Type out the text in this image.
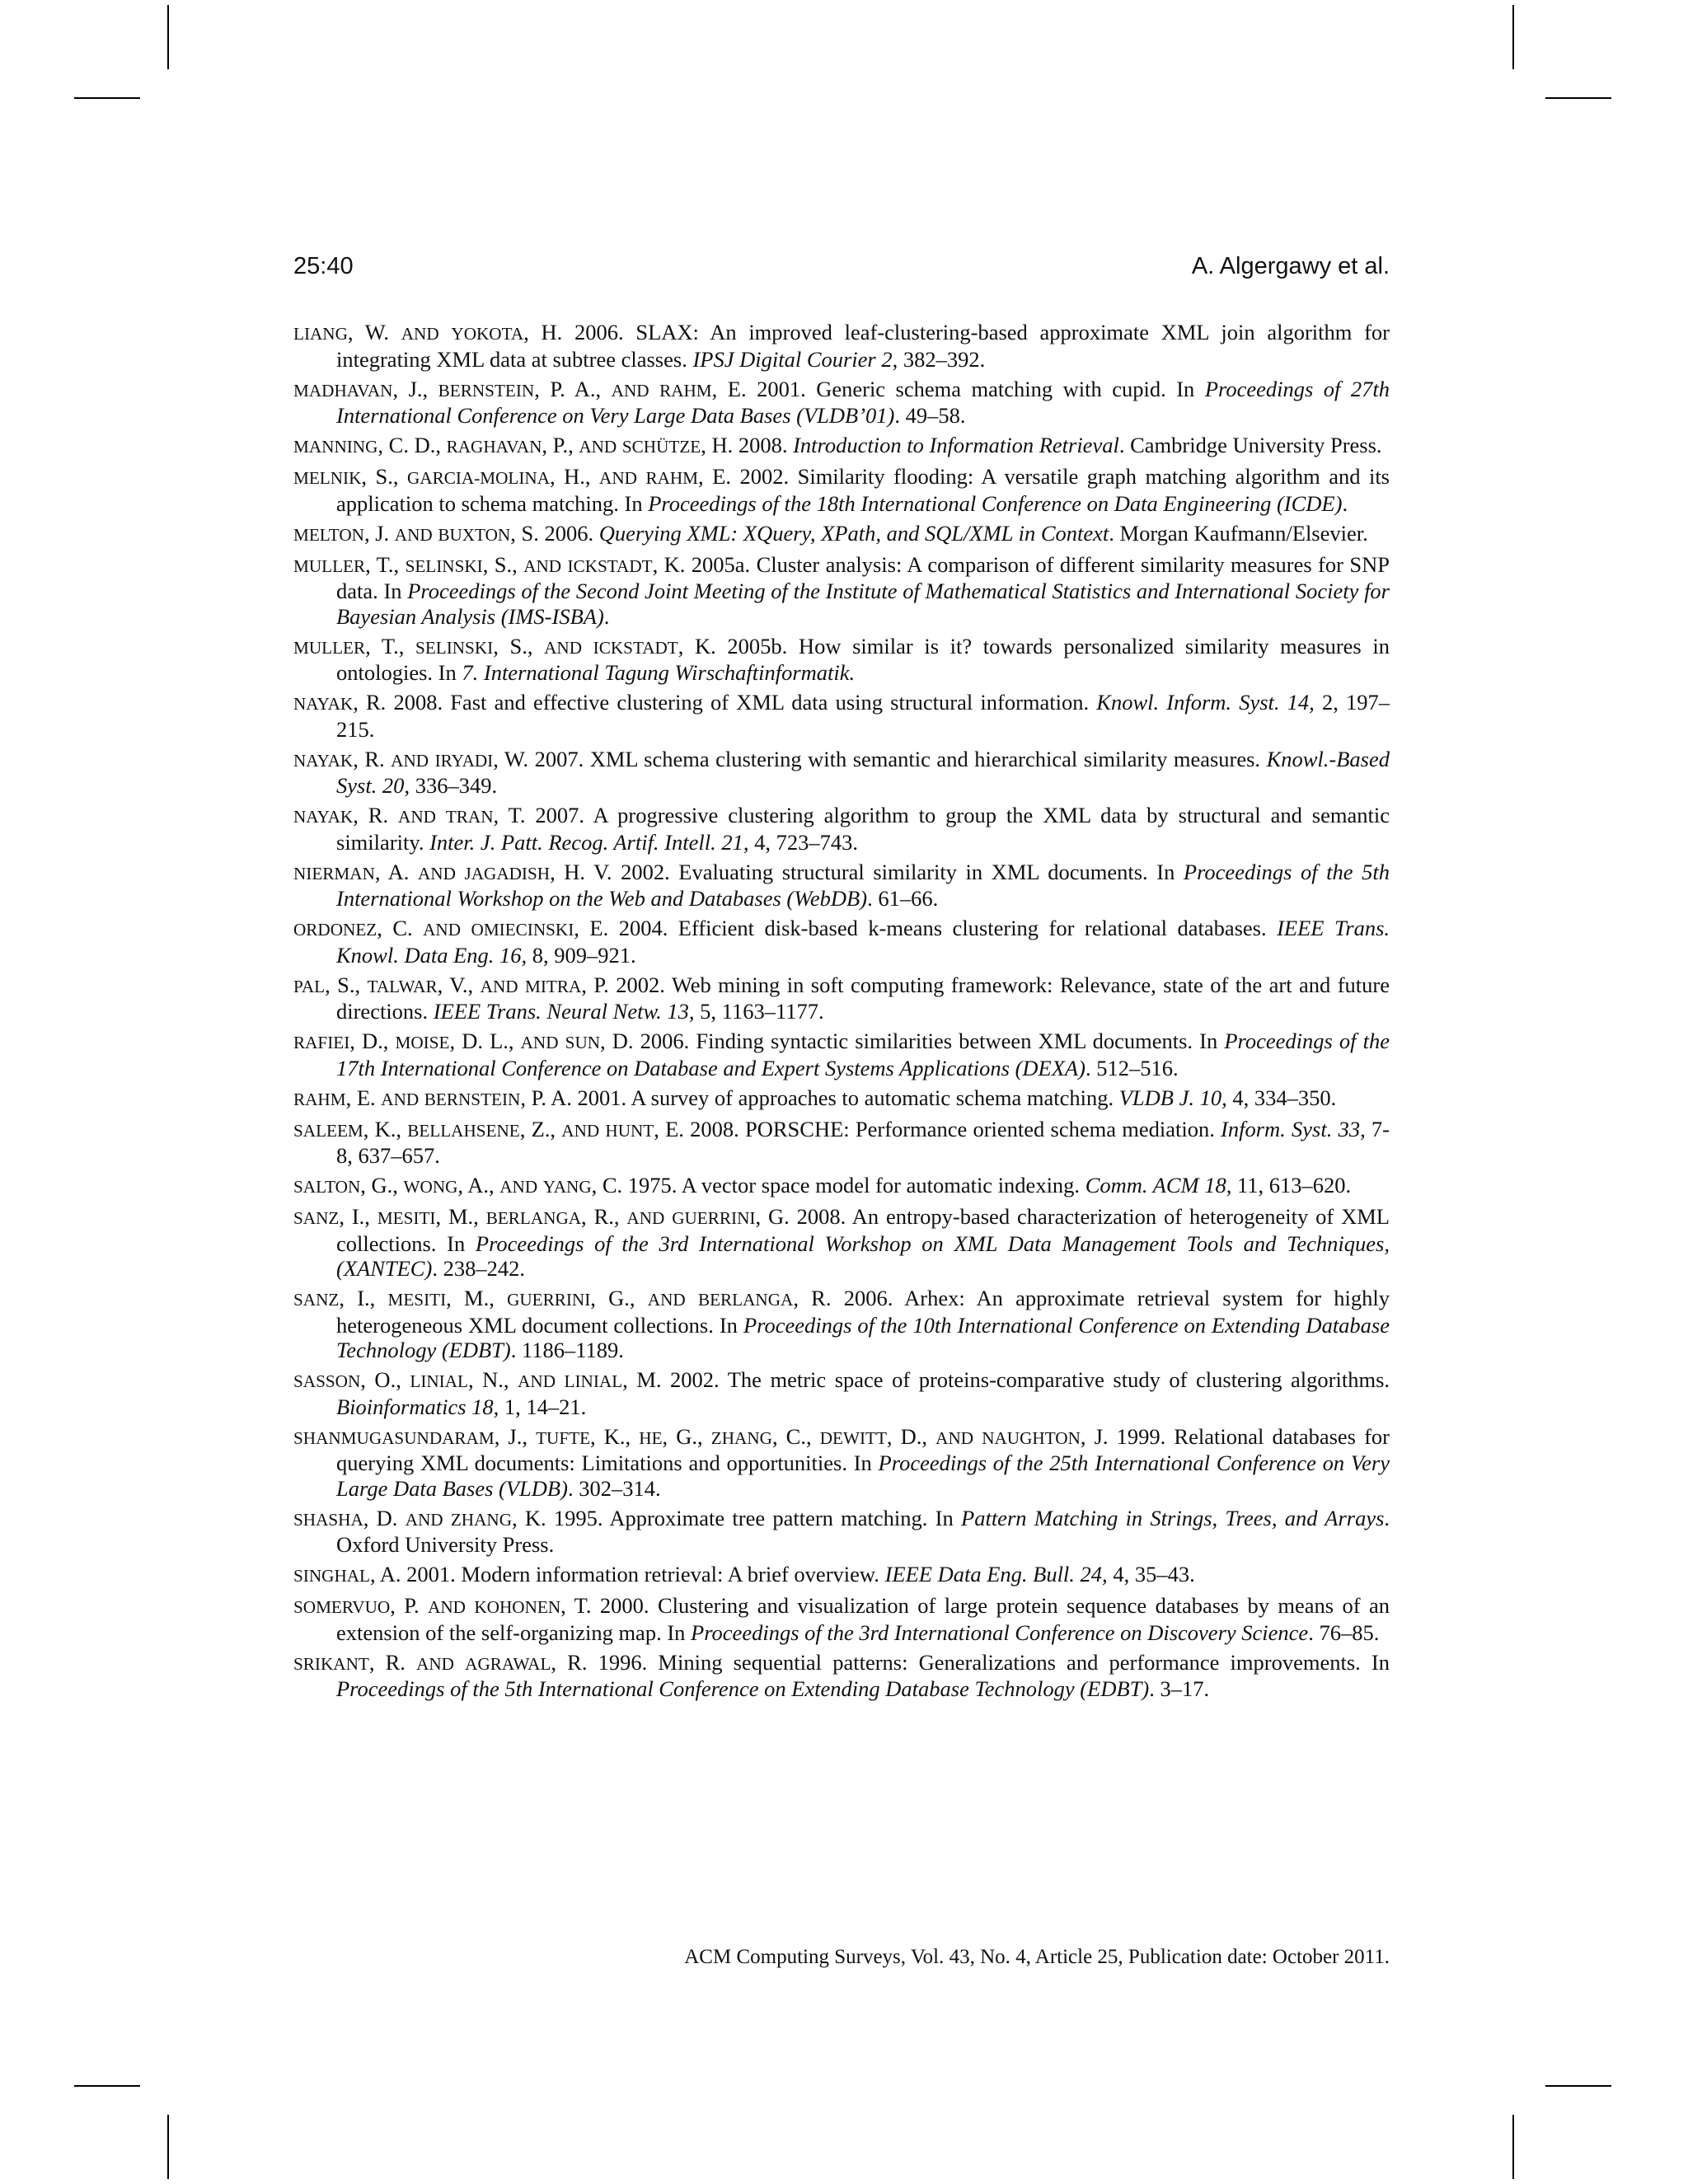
25:40	A. Algergawy et al.
LIANG, W. AND YOKOTA, H. 2006. SLAX: An improved leaf-clustering-based approximate XML join algorithm for integrating XML data at subtree classes. IPSJ Digital Courier 2, 382–392.
MADHAVAN, J., BERNSTEIN, P. A., AND RAHM, E. 2001. Generic schema matching with cupid. In Proceedings of 27th International Conference on Very Large Data Bases (VLDB’01). 49–58.
MANNING, C. D., RAGHAVAN, P., AND SCHÜTZE, H. 2008. Introduction to Information Retrieval. Cambridge University Press.
MELNIK, S., GARCIA-MOLINA, H., AND RAHM, E. 2002. Similarity flooding: A versatile graph matching algorithm and its application to schema matching. In Proceedings of the 18th International Conference on Data Engineering (ICDE).
MELTON, J. AND BUXTON, S. 2006. Querying XML: XQuery, XPath, and SQL/XML in Context. Morgan Kaufmann/Elsevier.
MULLER, T., SELINSKI, S., AND ICKSTADT, K. 2005a. Cluster analysis: A comparison of different similarity measures for SNP data. In Proceedings of the Second Joint Meeting of the Institute of Mathematical Statistics and International Society for Bayesian Analysis (IMS-ISBA).
MULLER, T., SELINSKI, S., AND ICKSTADT, K. 2005b. How similar is it? towards personalized similarity measures in ontologies. In 7. International Tagung Wirschaftinformatik.
NAYAK, R. 2008. Fast and effective clustering of XML data using structural information. Knowl. Inform. Syst. 14, 2, 197–215.
NAYAK, R. AND IRYADI, W. 2007. XML schema clustering with semantic and hierarchical similarity measures. Knowl.-Based Syst. 20, 336–349.
NAYAK, R. AND TRAN, T. 2007. A progressive clustering algorithm to group the XML data by structural and semantic similarity. Inter. J. Patt. Recog. Artif. Intell. 21, 4, 723–743.
NIERMAN, A. AND JAGADISH, H. V. 2002. Evaluating structural similarity in XML documents. In Proceedings of the 5th International Workshop on the Web and Databases (WebDB). 61–66.
ORDONEZ, C. AND OMIECINSKI, E. 2004. Efficient disk-based k-means clustering for relational databases. IEEE Trans. Knowl. Data Eng. 16, 8, 909–921.
PAL, S., TALWAR, V., AND MITRA, P. 2002. Web mining in soft computing framework: Relevance, state of the art and future directions. IEEE Trans. Neural Netw. 13, 5, 1163–1177.
RAFIEI, D., MOISE, D. L., AND SUN, D. 2006. Finding syntactic similarities between XML documents. In Proceedings of the 17th International Conference on Database and Expert Systems Applications (DEXA). 512–516.
RAHM, E. AND BERNSTEIN, P. A. 2001. A survey of approaches to automatic schema matching. VLDB J. 10, 4, 334–350.
SALEEM, K., BELLAHSENE, Z., AND HUNT, E. 2008. PORSCHE: Performance oriented schema mediation. Inform. Syst. 33, 7-8, 637–657.
SALTON, G., WONG, A., AND YANG, C. 1975. A vector space model for automatic indexing. Comm. ACM 18, 11, 613–620.
SANZ, I., MESITI, M., BERLANGA, R., AND GUERRINI, G. 2008. An entropy-based characterization of heterogeneity of XML collections. In Proceedings of the 3rd International Workshop on XML Data Management Tools and Techniques, (XANTEC). 238–242.
SANZ, I., MESITI, M., GUERRINI, G., AND BERLANGA, R. 2006. Arhex: An approximate retrieval system for highly heterogeneous XML document collections. In Proceedings of the 10th International Conference on Extending Database Technology (EDBT). 1186–1189.
SASSON, O., LINIAL, N., AND LINIAL, M. 2002. The metric space of proteins-comparative study of clustering algorithms. Bioinformatics 18, 1, 14–21.
SHANMUGASUNDARAM, J., TUFTE, K., HE, G., ZHANG, C., DEWITT, D., AND NAUGHTON, J. 1999. Relational databases for querying XML documents: Limitations and opportunities. In Proceedings of the 25th International Conference on Very Large Data Bases (VLDB). 302–314.
SHASHA, D. AND ZHANG, K. 1995. Approximate tree pattern matching. In Pattern Matching in Strings, Trees, and Arrays. Oxford University Press.
SINGHAL, A. 2001. Modern information retrieval: A brief overview. IEEE Data Eng. Bull. 24, 4, 35–43.
SOMERVUO, P. AND KOHONEN, T. 2000. Clustering and visualization of large protein sequence databases by means of an extension of the self-organizing map. In Proceedings of the 3rd International Conference on Discovery Science. 76–85.
SRIKANT, R. AND AGRAWAL, R. 1996. Mining sequential patterns: Generalizations and performance improvements. In Proceedings of the 5th International Conference on Extending Database Technology (EDBT). 3–17.
ACM Computing Surveys, Vol. 43, No. 4, Article 25, Publication date: October 2011.
